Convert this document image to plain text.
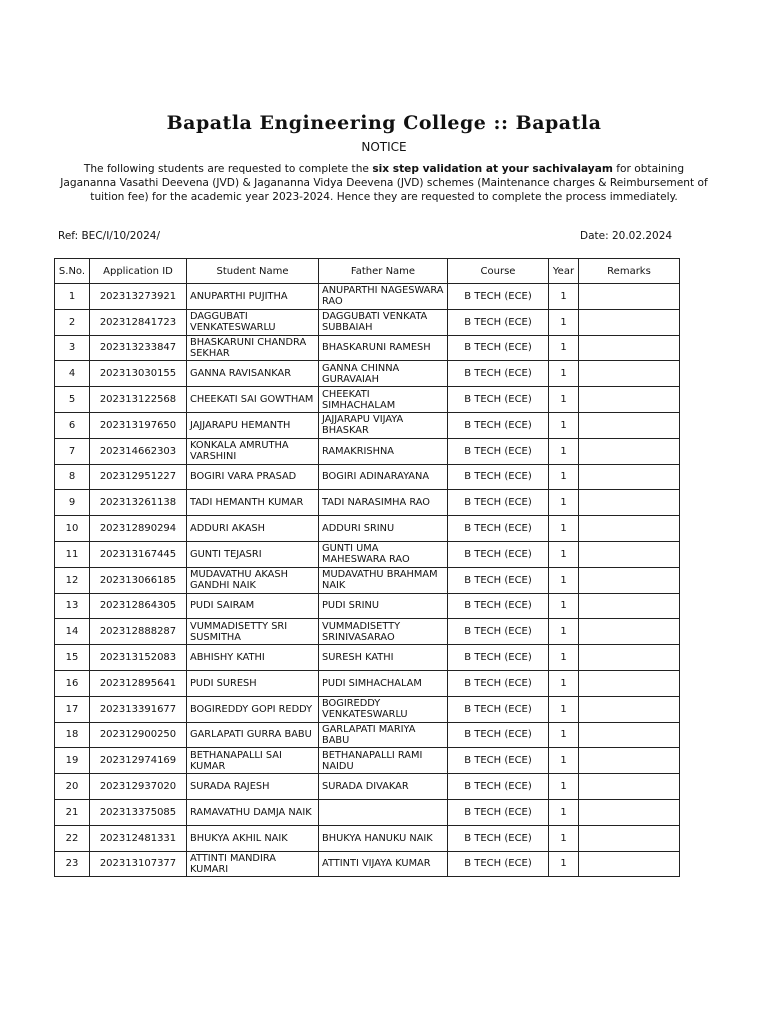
Bapatla Engineering College :: Bapatla
NOTICE
The following students are requested to complete the six step validation at your sachivalayam for obtaining Jagananna Vasathi Deevena (JVD) & Jagananna Vidya Deevena (JVD) schemes (Maintenance charges & Reimbursement of tuition fee) for the academic year 2023-2024. Hence they are requested to complete the process immediately.
Ref: BEC/I/10/2024/	Date: 20.02.2024
S.No.	Application ID	Student Name	Father Name	Course	Year	Remarks
1	202313273921	ANUPARTHI PUJITHA	ANUPARTHI NAGESWARA RAO	B TECH (ECE)	1	
2	202312841723	DAGGUBATI VENKATESWARLU	DAGGUBATI VENKATA SUBBAIAH	B TECH (ECE)	1	
3	202313233847	BHASKARUNI CHANDRA SEKHAR	BHASKARUNI RAMESH	B TECH (ECE)	1	
4	202313030155	GANNA RAVISANKAR	GANNA CHINNA GURAVAIAH	B TECH (ECE)	1	
5	202313122568	CHEEKATI SAI GOWTHAM	CHEEKATI SIMHACHALAM	B TECH (ECE)	1	
6	202313197650	JAJJARAPU HEMANTH	JAJJARAPU VIJAYA BHASKAR	B TECH (ECE)	1	
7	202314662303	KONKALA AMRUTHA VARSHINI	RAMAKRISHNA	B TECH (ECE)	1	
8	202312951227	BOGIRI VARA PRASAD	BOGIRI ADINARAYANA	B TECH (ECE)	1	
9	202313261138	TADI HEMANTH KUMAR	TADI NARASIMHA RAO	B TECH (ECE)	1	
10	202312890294	ADDURI AKASH	ADDURI SRINU	B TECH (ECE)	1	
11	202313167445	GUNTI TEJASRI	GUNTI UMA MAHESWARA RAO	B TECH (ECE)	1	
12	202313066185	MUDAVATHU AKASH GANDHI NAIK	MUDAVATHU BRAHMAM NAIK	B TECH (ECE)	1	
13	202312864305	PUDI SAIRAM	PUDI SRINU	B TECH (ECE)	1	
14	202312888287	VUMMADISETTY SRI SUSMITHA	VUMMADISETTY SRINIVASARAO	B TECH (ECE)	1	
15	202313152083	ABHISHY KATHI	SURESH KATHI	B TECH (ECE)	1	
16	202312895641	PUDI SURESH	PUDI SIMHACHALAM	B TECH (ECE)	1	
17	202313391677	BOGIREDDY GOPI REDDY	BOGIREDDY VENKATESWARLU	B TECH (ECE)	1	
18	202312900250	GARLAPATI GURRA BABU	GARLAPATI MARIYA BABU	B TECH (ECE)	1	
19	202312974169	BETHANAPALLI SAI KUMAR	BETHANAPALLI RAMI NAIDU	B TECH (ECE)	1	
20	202312937020	SURADA RAJESH	SURADA DIVAKAR	B TECH (ECE)	1	
21	202313375085	RAMAVATHU DAMJA NAIK		B TECH (ECE)	1	
22	202312481331	BHUKYA AKHIL NAIK	BHUKYA HANUKU NAIK	B TECH (ECE)	1	
23	202313107377	ATTINTI MANDIRA KUMARI	ATTINTI VIJAYA KUMAR	B TECH (ECE)	1	
